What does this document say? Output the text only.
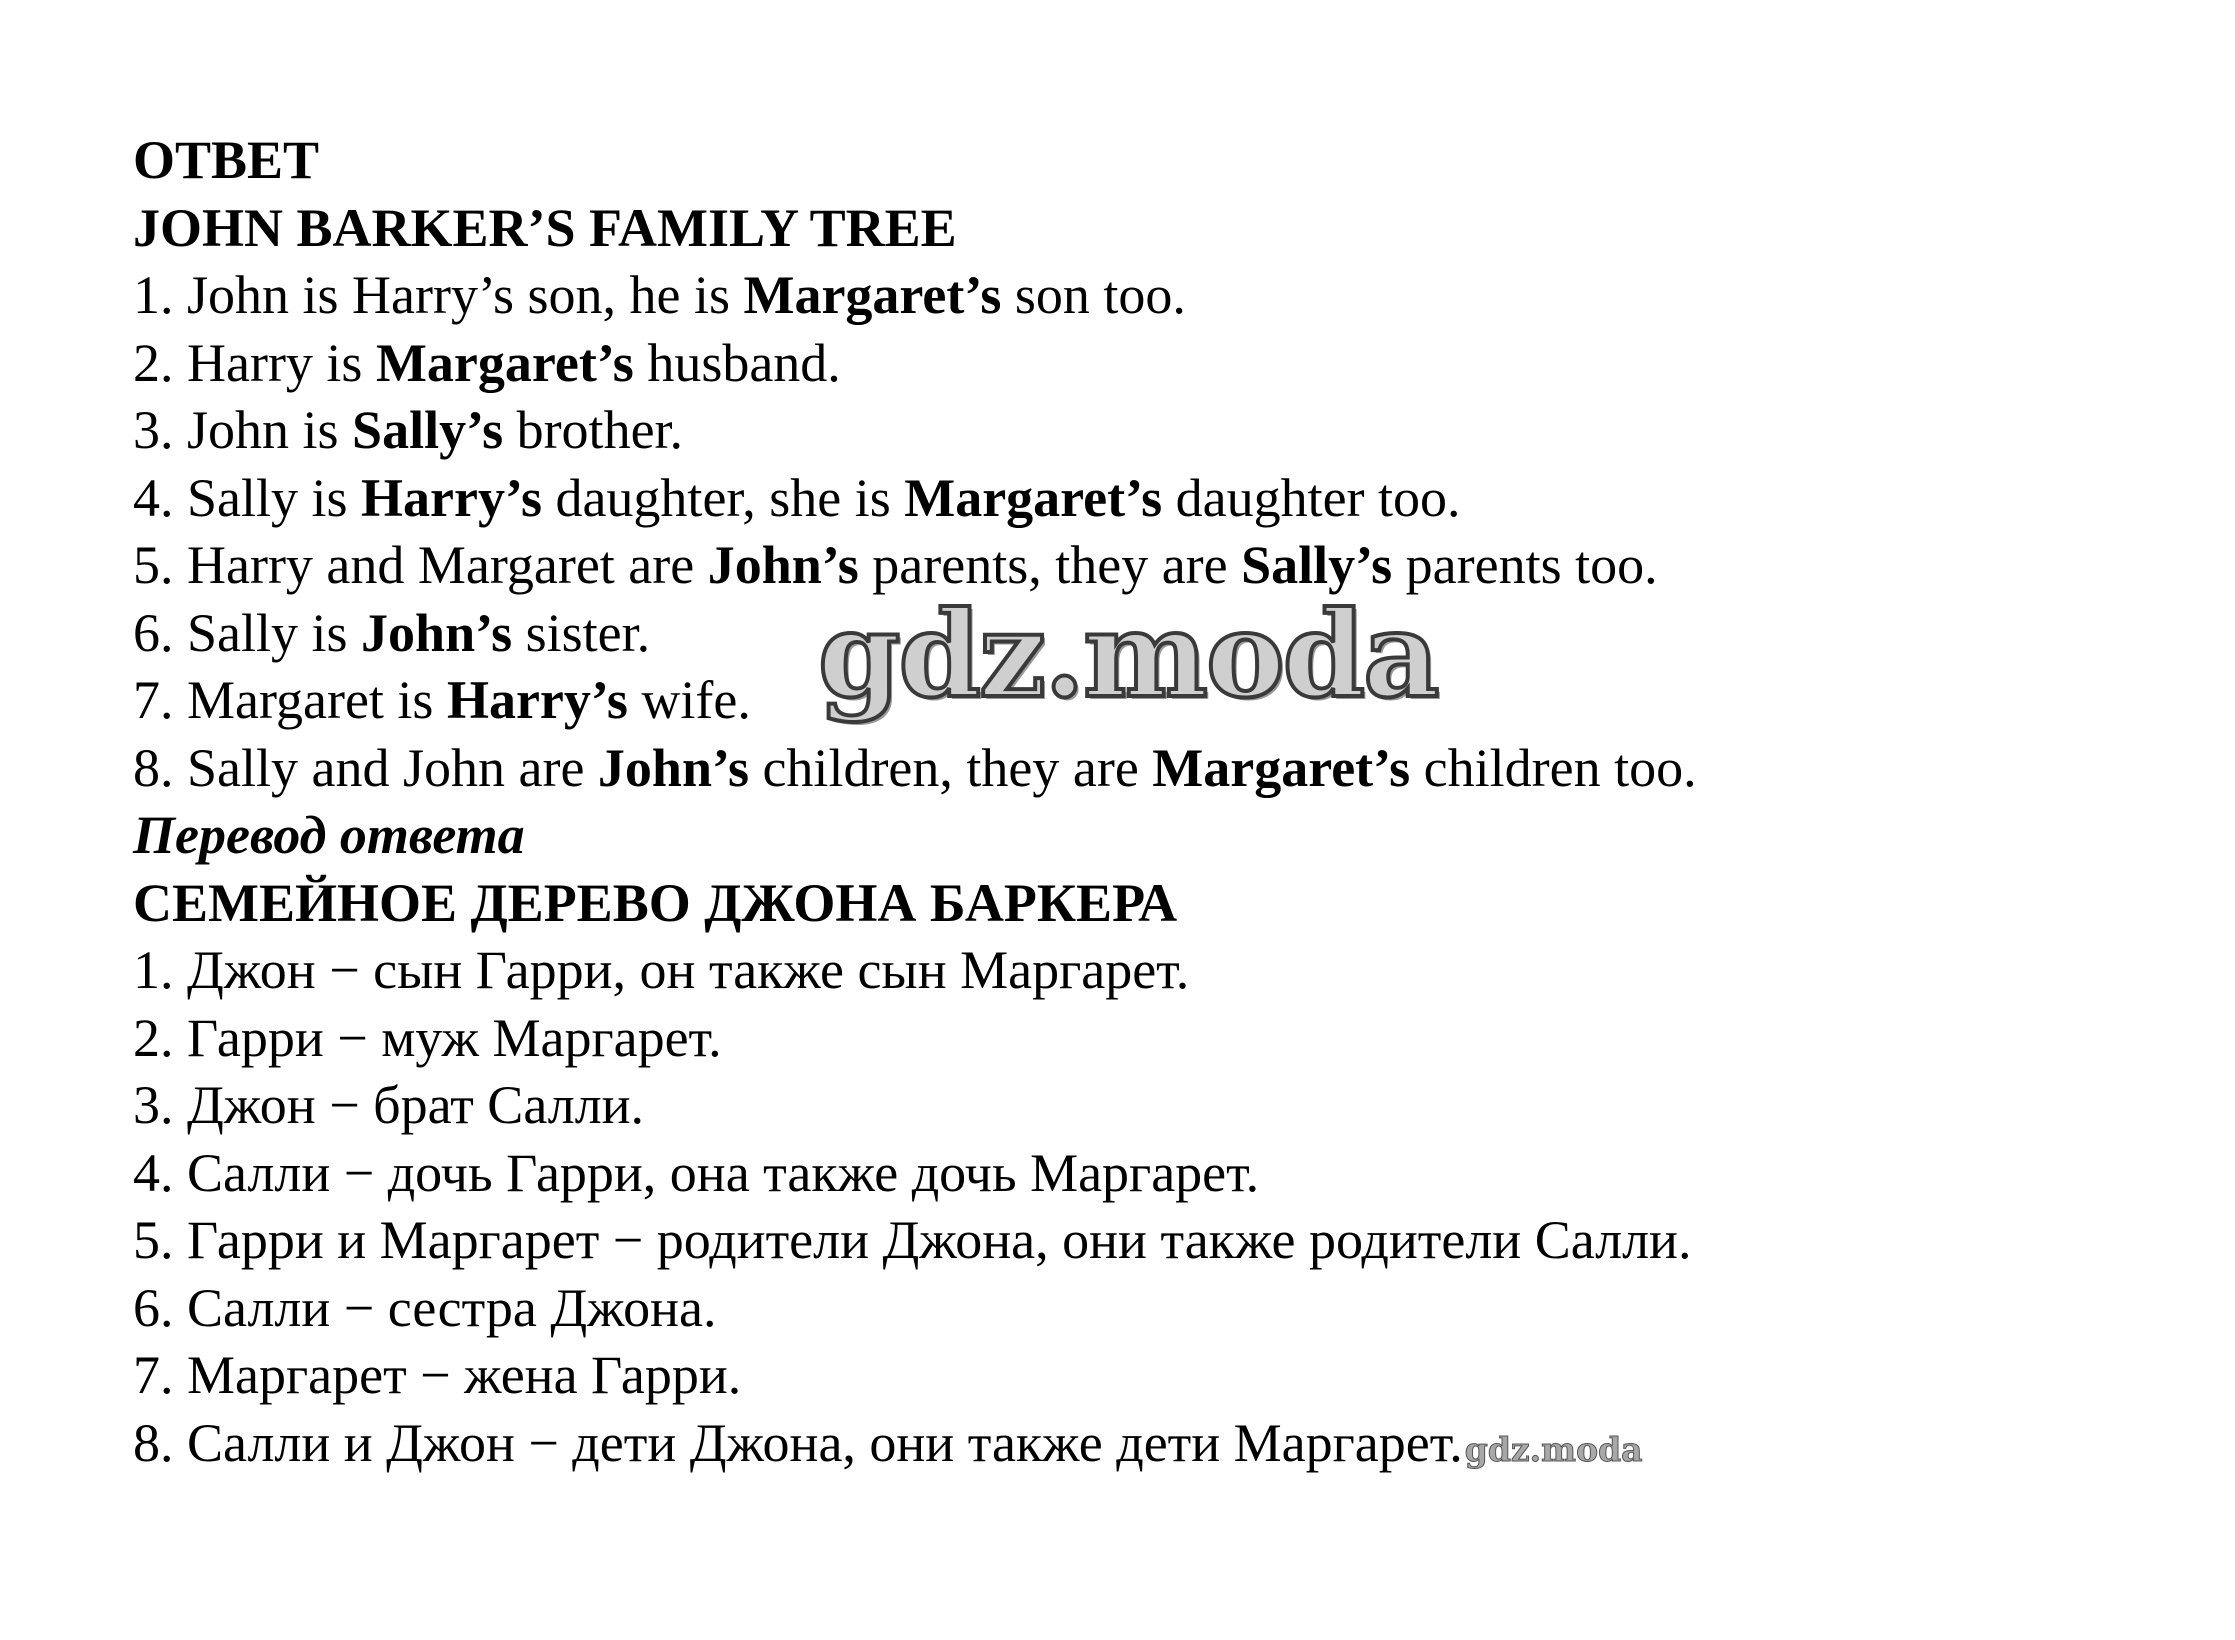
ОТВЕТ
JOHN BARKER’S FAMILY TREE
1. John is Harry’s son, he is Margaret’s son too.
2. Harry is Margaret’s husband.
3. John is Sally’s brother.
4. Sally is Harry’s daughter, she is Margaret’s daughter too.
5. Harry and Margaret are John’s parents, they are Sally’s parents too.
6. Sally is John’s sister.
7. Margaret is Harry’s wife.
8. Sally and John are John’s children, they are Margaret’s children too.
Перевод ответа
СЕМЕЙНОЕ ДЕРЕВО ДЖОНА БАРКЕРА
1. Джон − сын Гарри, он также сын Маргарет.
2. Гарри − муж Маргарет.
3. Джон − брат Салли.
4. Салли − дочь Гарри, она также дочь Маргарет.
5. Гарри и Маргарет − родители Джона, они также родители Салли.
6. Салли − сестра Джона.
7. Маргарет − жена Гарри.
8. Салли и Джон − дети Джона, они также дети Маргарет.gdz.moda
gdz.moda
